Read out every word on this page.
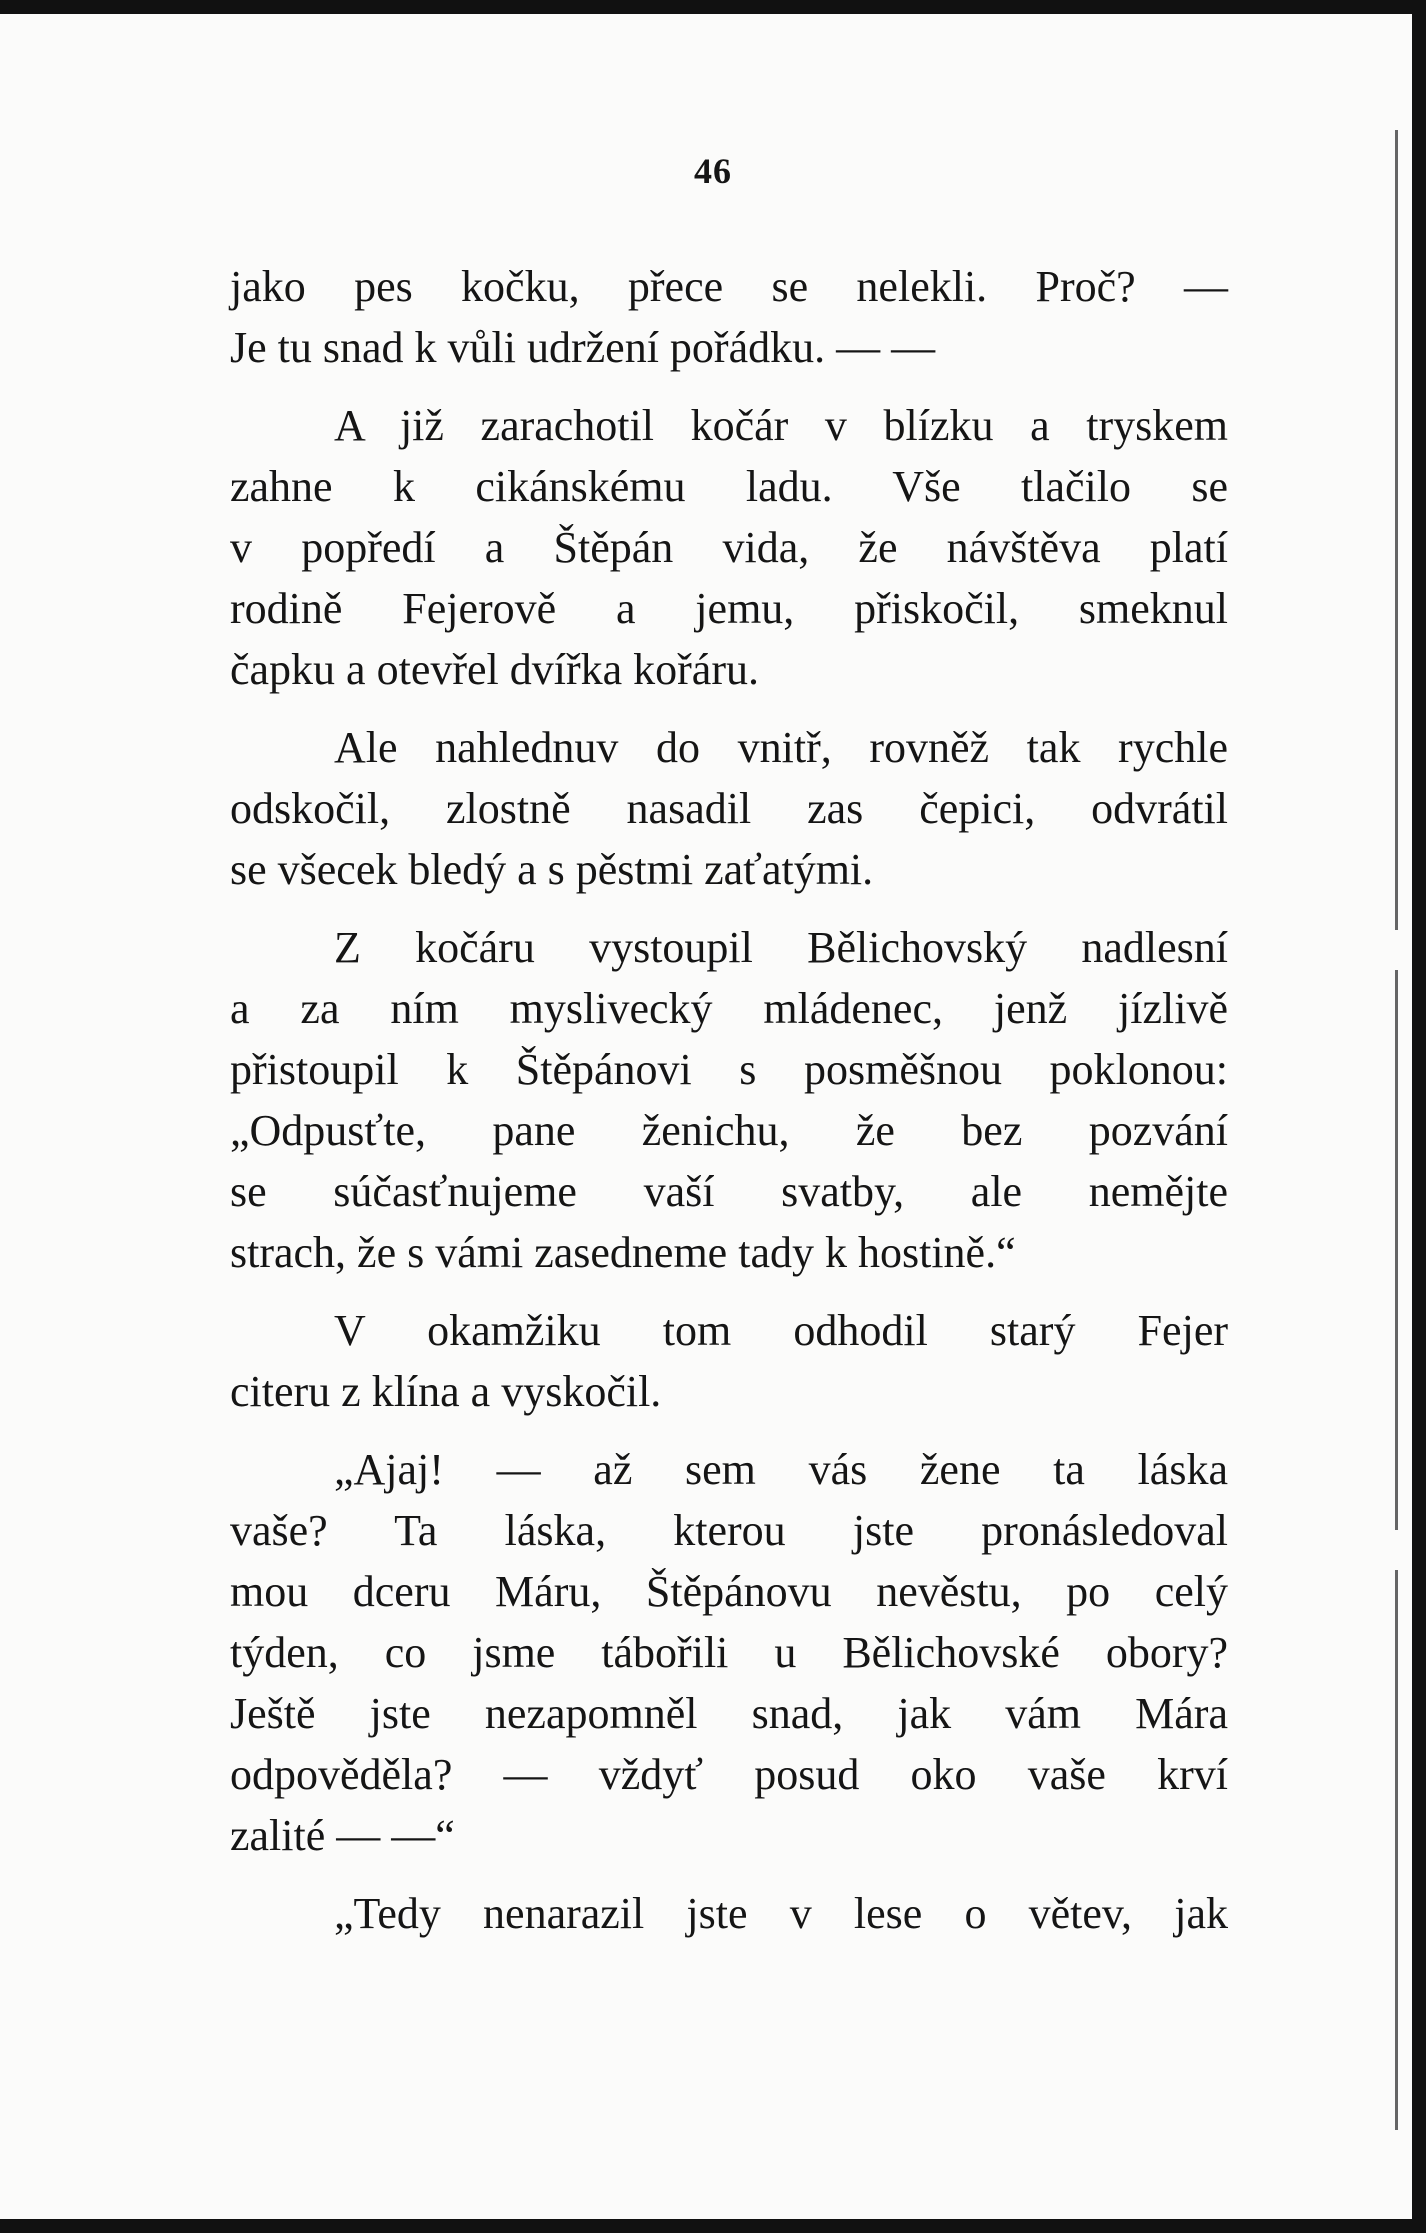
46
jako pes kočku, přece se nelekli. Proč? —
Je tu snad k vůli udržení pořádku. — —
A již zarachotil kočár v blízku a tryskem
zahne k cikánskému ladu. Vše tlačilo se
v popředí a Štěpán vida, že návštěva platí
rodině Fejerově a jemu, přiskočil, smeknul
čapku a otevřel dvířka kořáru.
Ale nahlednuv do vnitř, rovněž tak rychle
odskočil, zlostně nasadil zas čepici, odvrátil
se všecek bledý a s pěstmi zaťatými.
Z kočáru vystoupil Bělichovský nadlesní
a za ním myslivecký mládenec, jenž jízlivě
přistoupil k Štěpánovi s posměšnou poklonou:
„Odpusťte, pane ženichu, že bez pozvání
se súčasťnujeme vaší svatby, ale nemějte
strach, že s vámi zasedneme tady k hostině.“
V okamžiku tom odhodil starý Fejer
citeru z klína a vyskočil.
„Ajaj! — až sem vás žene ta láska
vaše? Ta láska, kterou jste pronásledoval
mou dceru Máru, Štěpánovu nevěstu, po celý
týden, co jsme tábořili u Bělichovské obory?
Ještě jste nezapomněl snad, jak vám Mára
odpověděla? — vždyť posud oko vaše krví
zalité — —“
„Tedy nenarazil jste v lese o větev, jak
